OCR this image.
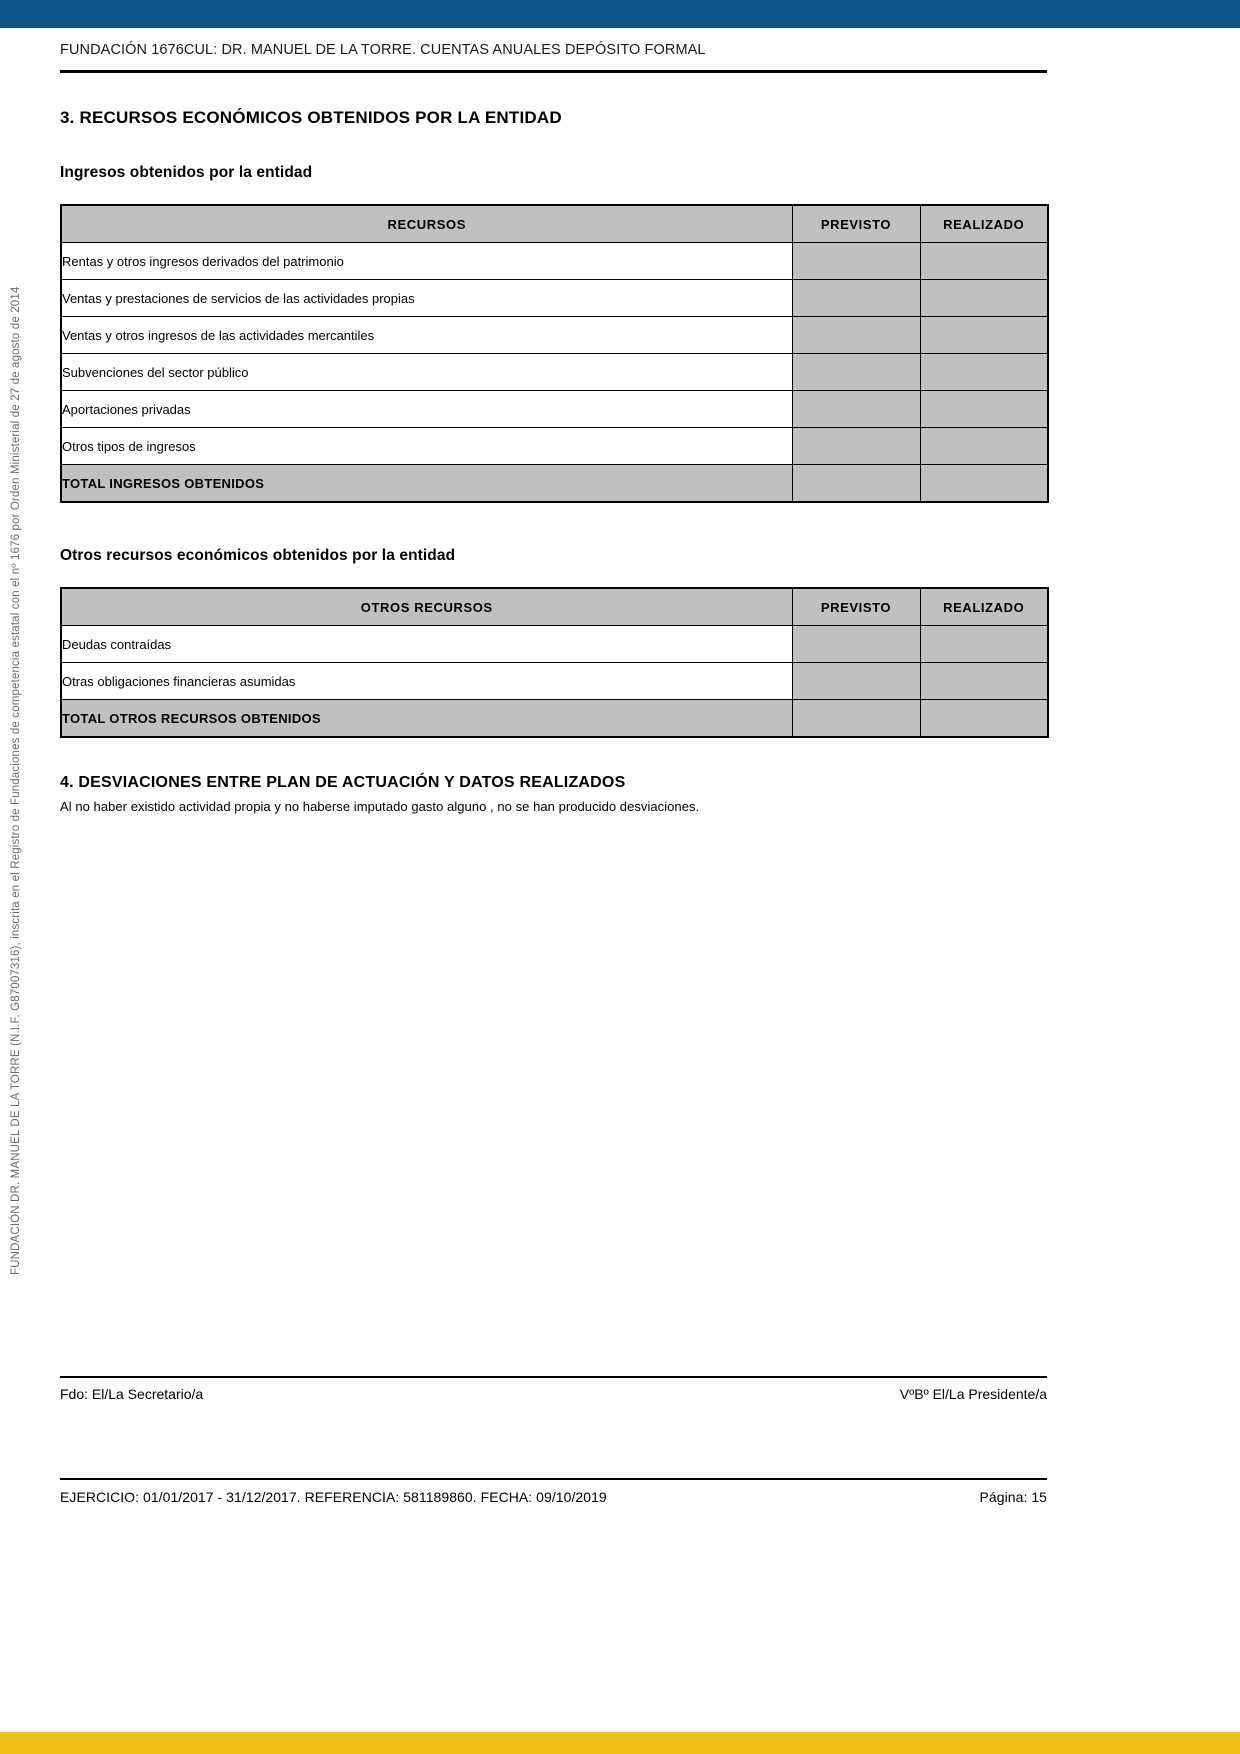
FUNDACIÓN DR. MANUEL DE LA TORRE (N.I.F. G87007316), inscrita en el Registro de Fundaciones de competencia estatal con el nº 1676 por Orden Ministerial de 27 de agosto de 2014
FUNDACIÓN 1676CUL: DR. MANUEL DE LA TORRE. CUENTAS ANUALES DEPÓSITO FORMAL
3. RECURSOS ECONÓMICOS OBTENIDOS POR LA ENTIDAD
Ingresos obtenidos por la entidad
RECURSOS	PREVISTO	REALIZADO
Rentas y otros ingresos derivados del patrimonio		
Ventas y prestaciones de servicios de las actividades propias		
Ventas y otros ingresos de las actividades mercantiles		
Subvenciones del sector público		
Aportaciones privadas		
Otros tipos de ingresos		
TOTAL INGRESOS OBTENIDOS		
Otros recursos económicos obtenidos por la entidad
OTROS RECURSOS	PREVISTO	REALIZADO
Deudas contraídas		
Otras obligaciones financieras asumidas		
TOTAL OTROS RECURSOS OBTENIDOS		
4. DESVIACIONES ENTRE PLAN DE ACTUACIÓN Y DATOS REALIZADOS
Al no haber existido actividad propia y no haberse imputado gasto alguno , no se han producido desviaciones.
Fdo: El/La Secretario/a	VºBº El/La Presidente/a
EJERCICIO: 01/01/2017 - 31/12/2017. REFERENCIA: 581189860. FECHA: 09/10/2019	Página: 15
